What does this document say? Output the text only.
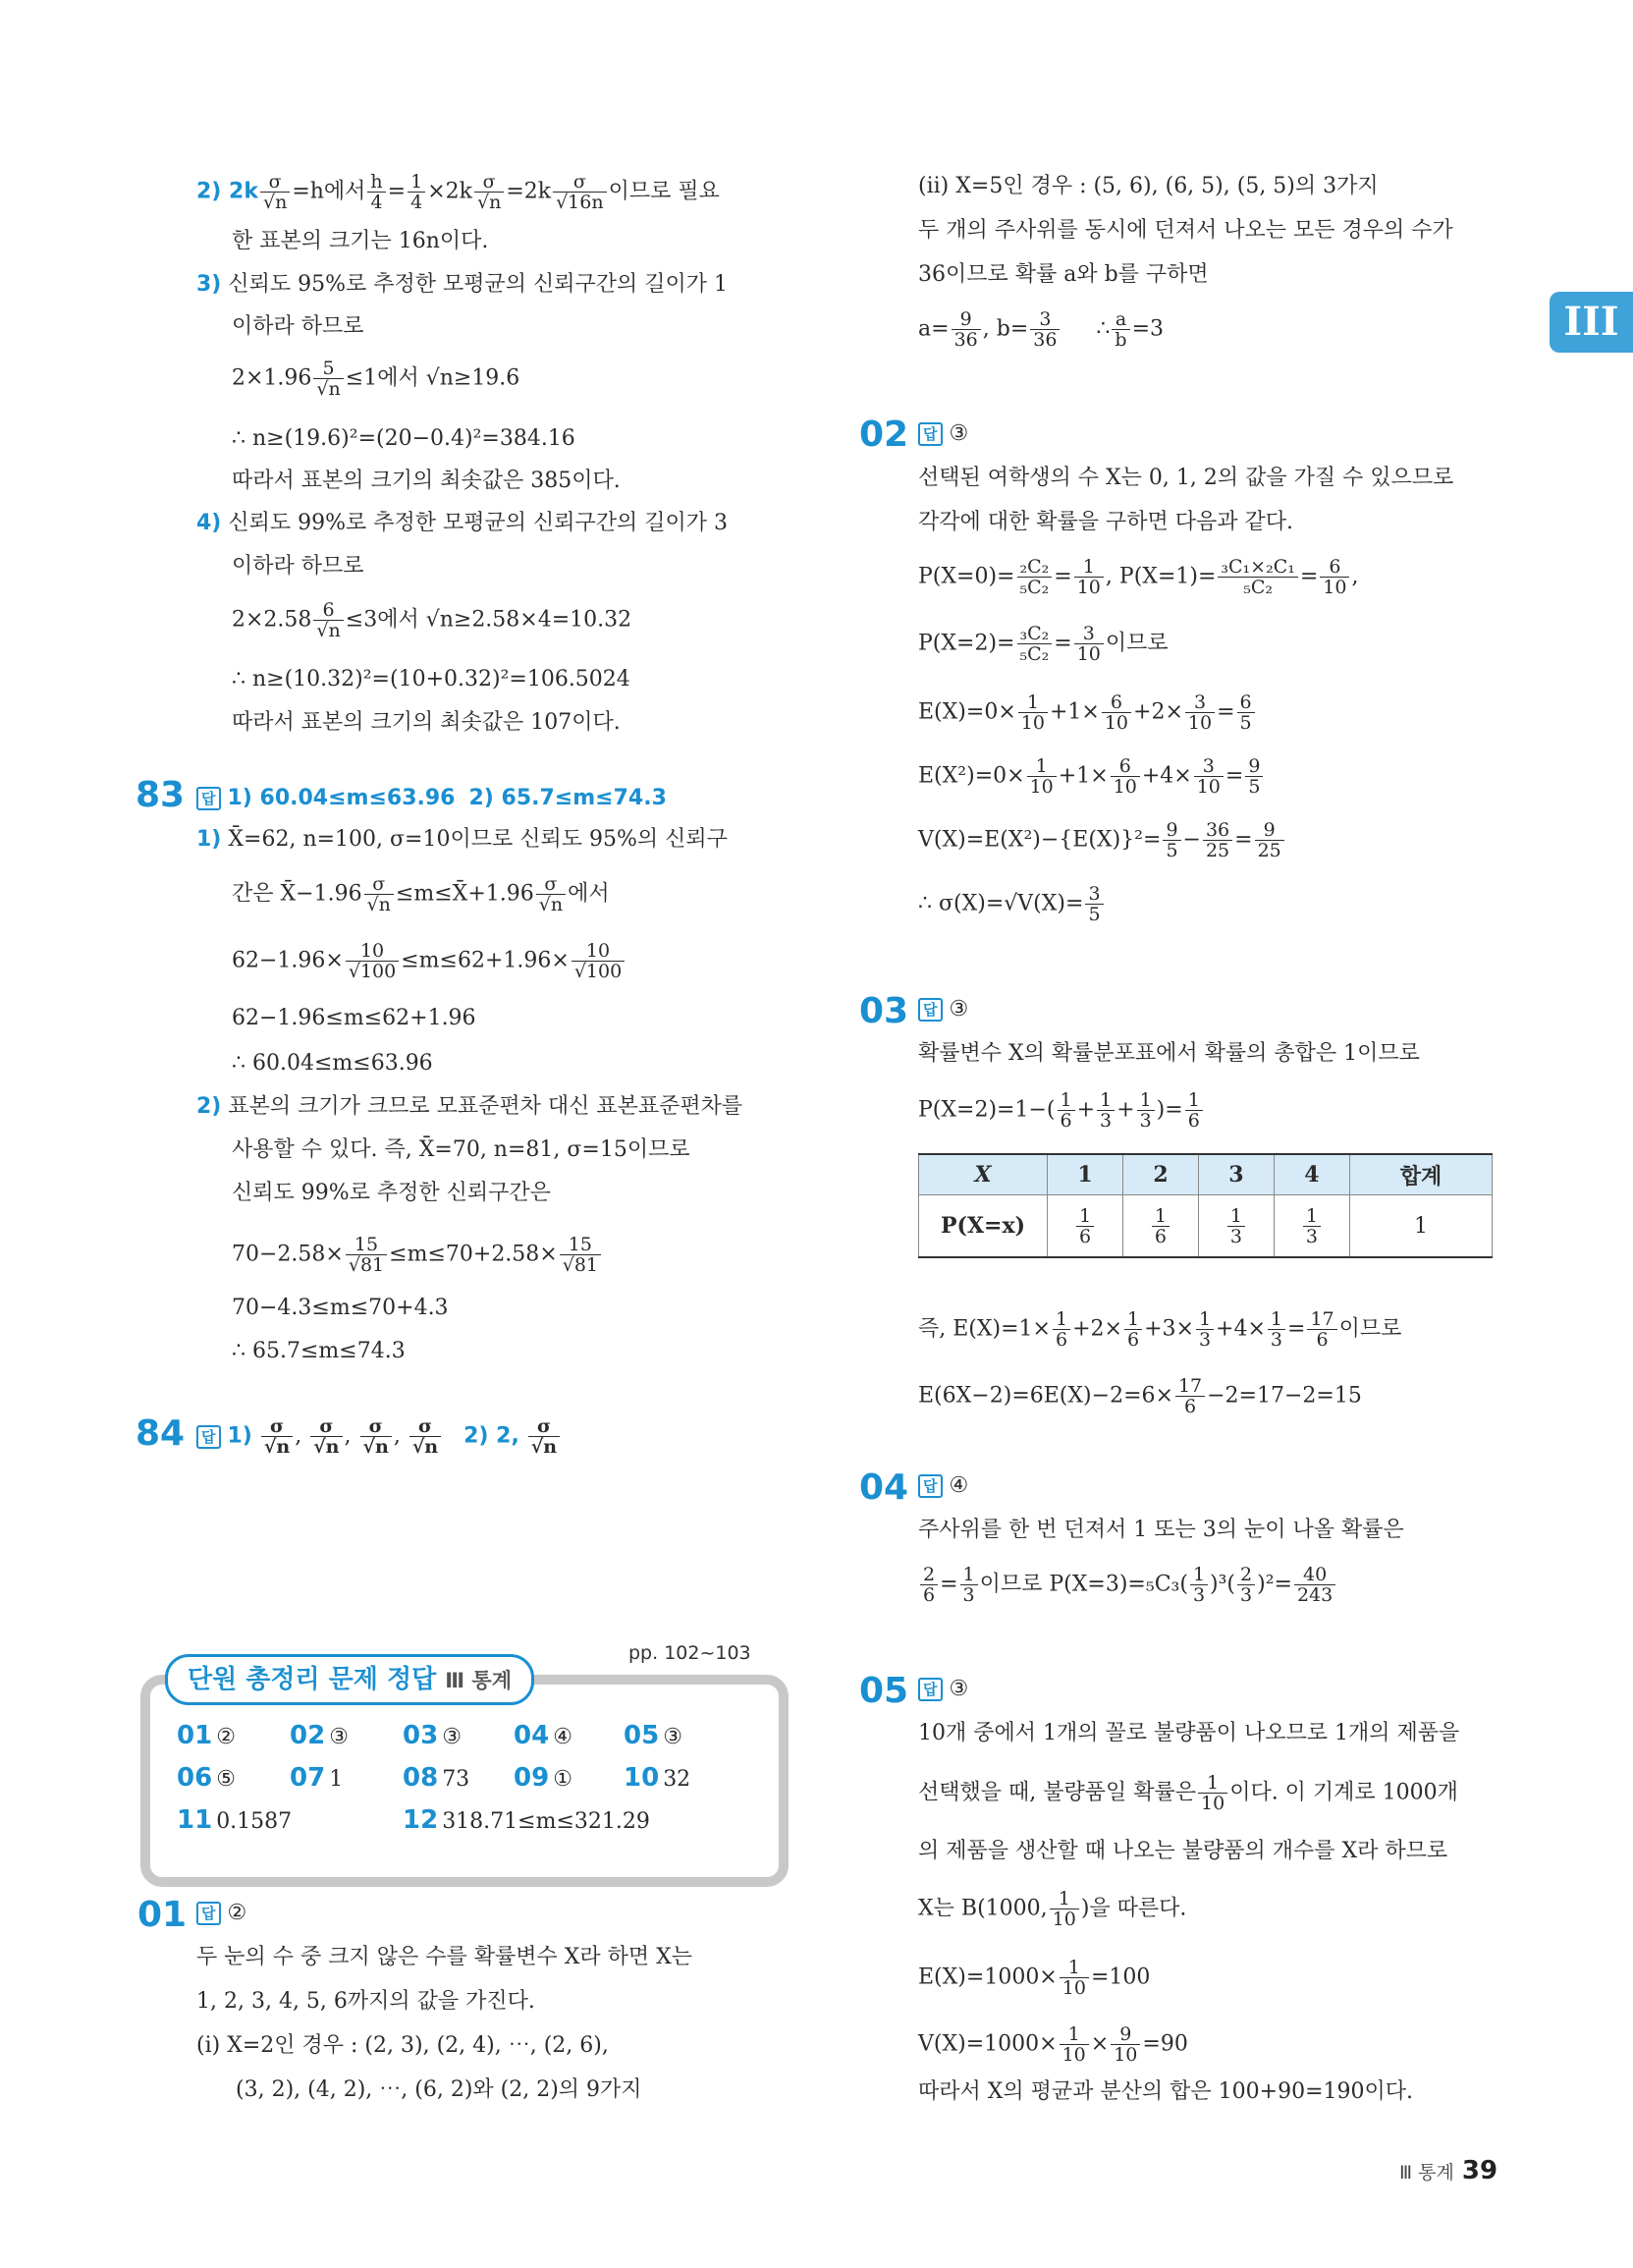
III
2) $2k \frac{\sigma}{√n} =h$에서 $\frac{h}{4} = \frac{1}{4} \times 2k \frac{\sigma}{√n} =2k \frac{\sigma}{√16n}$ 이므로 필요
한 표본의 크기는 16n이다.
3) 신뢰도 95%로 추정한 모평균의 신뢰구간의 길이가 1
이하라 하므로
$2\times 1.96 \frac{5}{√n} \le 1$에서 √n≥19.6
∴ n≥(19.6)²=(20−0.4)²=384.16
따라서 표본의 크기의 최솟값은 385이다.
4) 신뢰도 99%로 추정한 모평균의 신뢰구간의 길이가 3
이하라 하므로
$2\times 2.58 \frac{6}{√n} \le 3$에서 √n≥2.58×4=10.32
∴ n≥(10.32)²=(10+0.32)²=106.5024
따라서 표본의 크기의 최솟값은 107이다.
83	답 1) 60.04≤m≤63.96 2) 65.7≤m≤74.3
1) X̄=62, n=100, σ=10이므로 신뢰도 95%의 신뢰구
간은 X̄−1.96 $\frac{\sigma}{√n}$ ≤m≤X̄+1.96 $\frac{\sigma}{√n}$ 에서
$62-1.96\times \frac{10}{√100} \le m\le 62+1.96\times \frac{10}{√100}$
62−1.96≤m≤62+1.96
∴ 60.04≤m≤63.96
2) 표본의 크기가 크므로 모표준편차 대신 표본표준편차를
사용할 수 있다. 즉, X̄=70, n=81, σ=15이므로
신뢰도 99%로 추정한 신뢰구간은
$70-2.58\times \frac{15}{√81} \le m\le 70+2.58\times \frac{15}{√81}$
70−4.3≤m≤70+4.3
∴ 65.7≤m≤74.3
84	답 $1) \frac{\sigma}{√n}$ , $\frac{\sigma}{√n}$ , $\frac{\sigma}{√n}$ , $\frac{\sigma}{√n} 2$) 2, $\frac{\sigma}{√n}$
pp. 102~103
단원 총정리 문제 정답 Ⅲ 통계
01 ② 02 ③ 03 ③ 04 ④ 05 ③
06 ⑤ 07 1 08 73 09 ① 10 32
11 0.1587	12 318.71≤m≤321.29
01 답 ②
두 눈의 수 중 크지 않은 수를 확률변수 X라 하면 X는
1, 2, 3, 4, 5, 6까지의 값을 가진다.
(i) X=2인 경우 : (2, 3), (2, 4), ⋯, (2, 6),
(3, 2), (4, 2), ⋯, (6, 2)와 (2, 2)의 9가지
(ii) X=5인 경우 : (5, 6), (6, 5), (5, 5)의 3가지
두 개의 주사위를 동시에 던져서 나오는 모든 경우의 수가
36이므로 확률 a와 b를 구하면
$a= \frac{9}{36}$ , $b= \frac{3}{36}$ ∴ $\frac{a}{b} =3$
02 답 ③
선택된 여학생의 수 X는 0, 1, 2의 값을 가질 수 있으므로
각각에 대한 확률을 구하면 다음과 같다.
$P(X=0)= \frac{\text{₂C₂}}{\text{₅C₂}} = \frac{1}{10}$ , $P(X=1)= \frac{\text{₃C₁×₂C₁}}{\text{₅C₂}} = \frac{6}{10}$ ,
$P(X=2)= \frac{\text{₃C₂}}{\text{₅C₂}} = \frac{3}{10}$ 이므로
$E(X)=0\times \frac{1}{10} +1\times \frac{6}{10} +2\times \frac{3}{10} = \frac{6}{5}$
$E(X^2)=0\times \frac{1}{10} +1\times \frac{6}{10} +4\times \frac{3}{10} = \frac{9}{5}$
$V(X)=E(X^2)-\{E(X)\}^2= \frac{9}{5} - \frac{36}{25} = \frac{9}{25}$
∴ $\sigma(X)=√V(X)= \frac{3}{5}$
03 답 ③
확률변수 X의 확률분포표에서 확률의 총합은 1이므로
$P(X=2)=1-( \frac{1}{6} + \frac{1}{3} + \frac{1}{3}$ )= $\frac{1}{6}$
X	1	2	3	4	합계
P(X=x)	$\frac{1}{6}$	$\frac{1}{6}$	$\frac{1}{3}$	$\frac{1}{3}$	1
즉, $E(X)=1\times \frac{1}{6} +2\times \frac{1}{6} +3\times \frac{1}{3} +4\times \frac{1}{3} = \frac{17}{6}$ 이므로
$E(6X-2)=6E(X)-2=6\times \frac{17}{6} -2=17-2=15$
04 답 ④
주사위를 한 번 던져서 1 또는 3의 눈이 나올 확률은
$\frac{2}{6} = \frac{1}{3}$ 이므로 $P(X=3)=_5C_3( \frac{1}{3} )^3( \frac{2}{3} )^2= \frac{40}{243}$
05 답 ③
10개 중에서 1개의 꼴로 불량품이 나오므로 1개의 제품을
선택했을 때, 불량품일 확률은 $\frac{1}{10}$ 이다. 이 기계로 1000개
의 제품을 생산할 때 나오는 불량품의 개수를 X라 하므로
X는 B(1000, $\frac{1}{10}$ )을 따른다.
$E(X)=1000\times \frac{1}{10} =100$
$V(X)=1000\times \frac{1}{10} \times \frac{9}{10} =90$
따라서 X의 평균과 분산의 합은 100+90=190이다.
Ⅲ 통계 39
